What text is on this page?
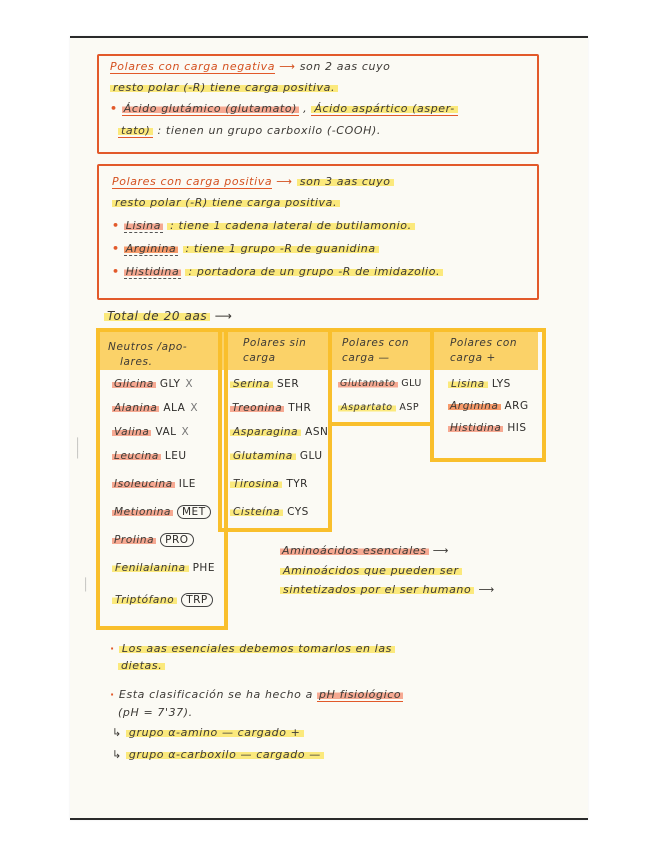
Polares con carga negativa ⟶ son 2 aas cuyo
resto polar (-R) tiene carga positiva.
• Ácido glutámico (glutamato) , Ácido aspártico (asper-
tato) : tienen un grupo carboxilo (-COOH).
Polares con carga positiva ⟶ son 3 aas cuyo
resto polar (-R) tiene carga positiva.
• Lisina : tiene 1 cadena lateral de butilamonio.
• Arginina : tiene 1 grupo -R de guanidina
• Histidina : portadora de un grupo -R de imidazolio.
Total de 20 aas ⟶
Neutros /apo-
lares.
Polares sin
carga
Polares con
carga —
Polares con
carga +
Glicina GLY X
Alanina ALA X
Valina VAL X
Leucina LEU
Isoleucina ILE
Metionina MET
Prolina PRO
Fenilalanina PHE
Triptófano TRP
Serina SER
Treonina THR
Asparagina ASN
Glutamina GLU
Tirosina TYR
Cisteína CYS
Glutamato GLU
Aspartato ASP
Lisina LYS
Arginina ARG
Histidina HIS
│
│
│
│
│
Aminoácidos esenciales ⟶
Aminoácidos que pueden ser
sintetizados por el ser humano ⟶
· Los aas esenciales debemos tomarlos en las
dietas.
· Esta clasificación se ha hecho a pH fisiológico
(pH = 7'37).
↳ grupo α-amino — cargado +
↳ grupo α-carboxilo — cargado —
